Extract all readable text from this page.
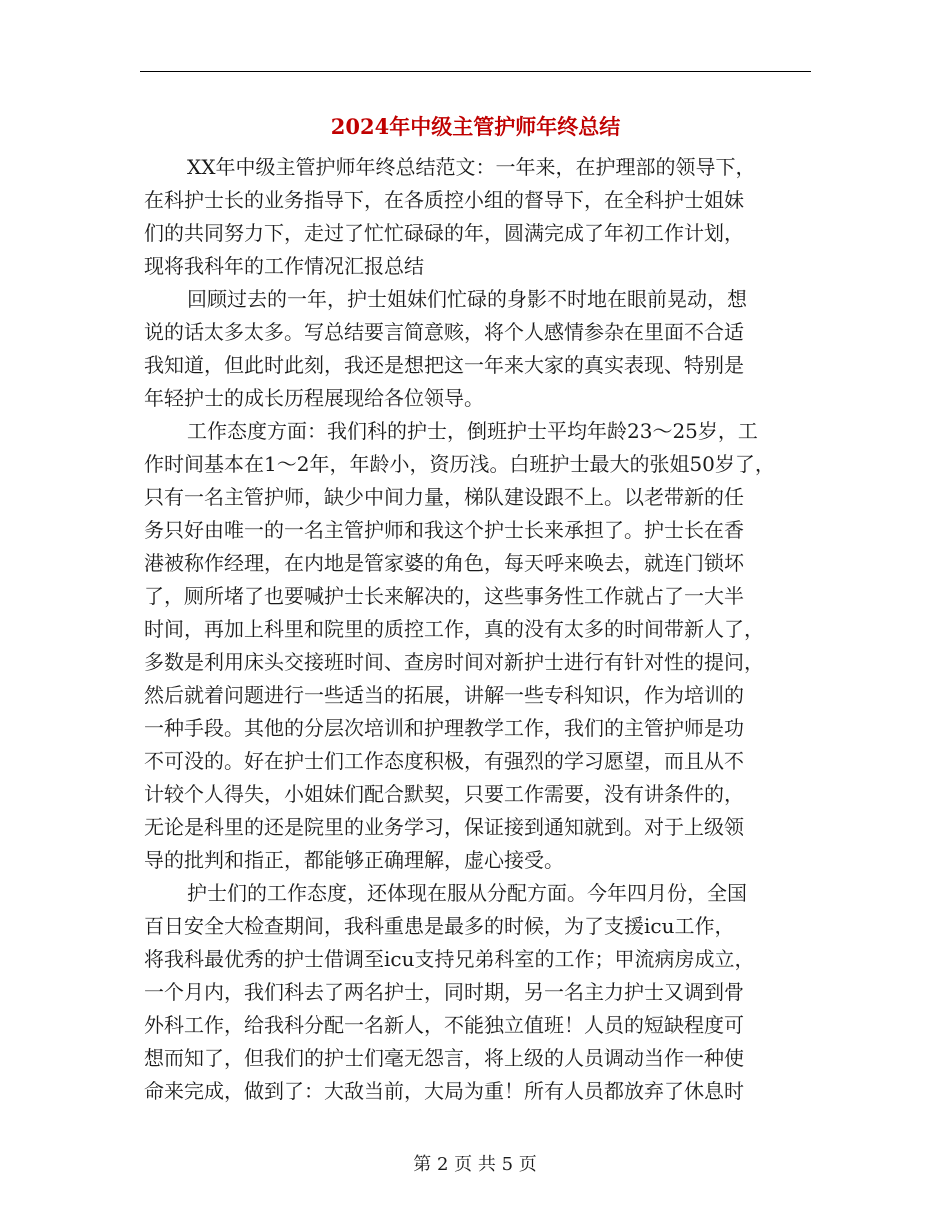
2024年中级主管护师年终总结
XX年中级主管护师年终总结范文：一年来，在护理部的领导下，
在科护士长的业务指导下，在各质控小组的督导下，在全科护士姐妹
们的共同努力下，走过了忙忙碌碌的年，圆满完成了年初工作计划，
现将我科年的工作情况汇报总结
回顾过去的一年，护士姐妹们忙碌的身影不时地在眼前晃动，想
说的话太多太多。写总结要言简意赅，将个人感情参杂在里面不合适
我知道，但此时此刻，我还是想把这一年来大家的真实表现、特别是
年轻护士的成长历程展现给各位领导。
工作态度方面：我们科的护士，倒班护士平均年龄23～25岁，工
作时间基本在1～2年，年龄小，资历浅。白班护士最大的张姐50岁了，
只有一名主管护师，缺少中间力量，梯队建设跟不上。以老带新的任
务只好由唯一的一名主管护师和我这个护士长来承担了。护士长在香
港被称作经理，在内地是管家婆的角色，每天呼来唤去，就连门锁坏
了，厕所堵了也要喊护士长来解决的，这些事务性工作就占了一大半
时间，再加上科里和院里的质控工作，真的没有太多的时间带新人了，
多数是利用床头交接班时间、查房时间对新护士进行有针对性的提问，
然后就着问题进行一些适当的拓展，讲解一些专科知识，作为培训的
一种手段。其他的分层次培训和护理教学工作，我们的主管护师是功
不可没的。好在护士们工作态度积极，有强烈的学习愿望，而且从不
计较个人得失，小姐妹们配合默契，只要工作需要，没有讲条件的，
无论是科里的还是院里的业务学习，保证接到通知就到。对于上级领
导的批判和指正，都能够正确理解，虚心接受。
护士们的工作态度，还体现在服从分配方面。今年四月份，全国
百日安全大检查期间，我科重患是最多的时候，为了支援icu工作，
将我科最优秀的护士借调至icu支持兄弟科室的工作；甲流病房成立，
一个月内，我们科去了两名护士，同时期，另一名主力护士又调到骨
外科工作，给我科分配一名新人，不能独立值班！人员的短缺程度可
想而知了，但我们的护士们毫无怨言，将上级的人员调动当作一种使
命来完成，做到了：大敌当前，大局为重！所有人员都放弃了休息时
第 2 页 共 5 页
